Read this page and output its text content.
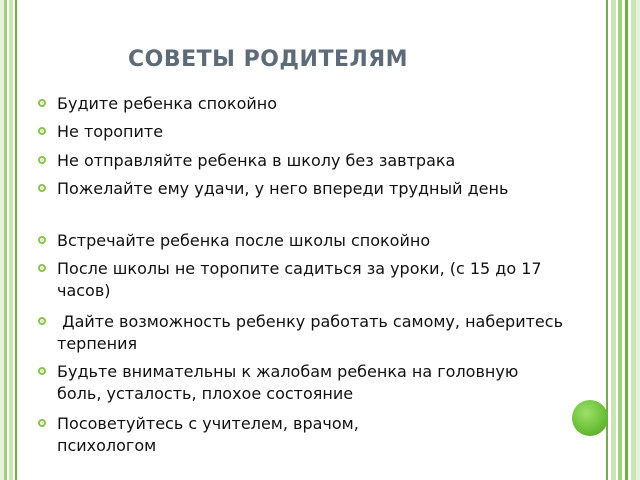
СОВЕТЫ РОДИТЕЛЯМ
Будите ребенка спокойно
Не торопите
Не отправляйте ребенка в школу без завтрака
Пожелайте ему удачи, у него впереди трудный день
Встречайте ребенка после школы спокойно
После школы не торопите садиться за уроки, (с 15 до 17 часов)
Дайте возможность ребенку работать самому, наберитесь терпения
Будьте внимательны к жалобам ребенка на головную боль, усталость, плохое состояние
Посоветуйтесь с учителем, врачом, психологом
